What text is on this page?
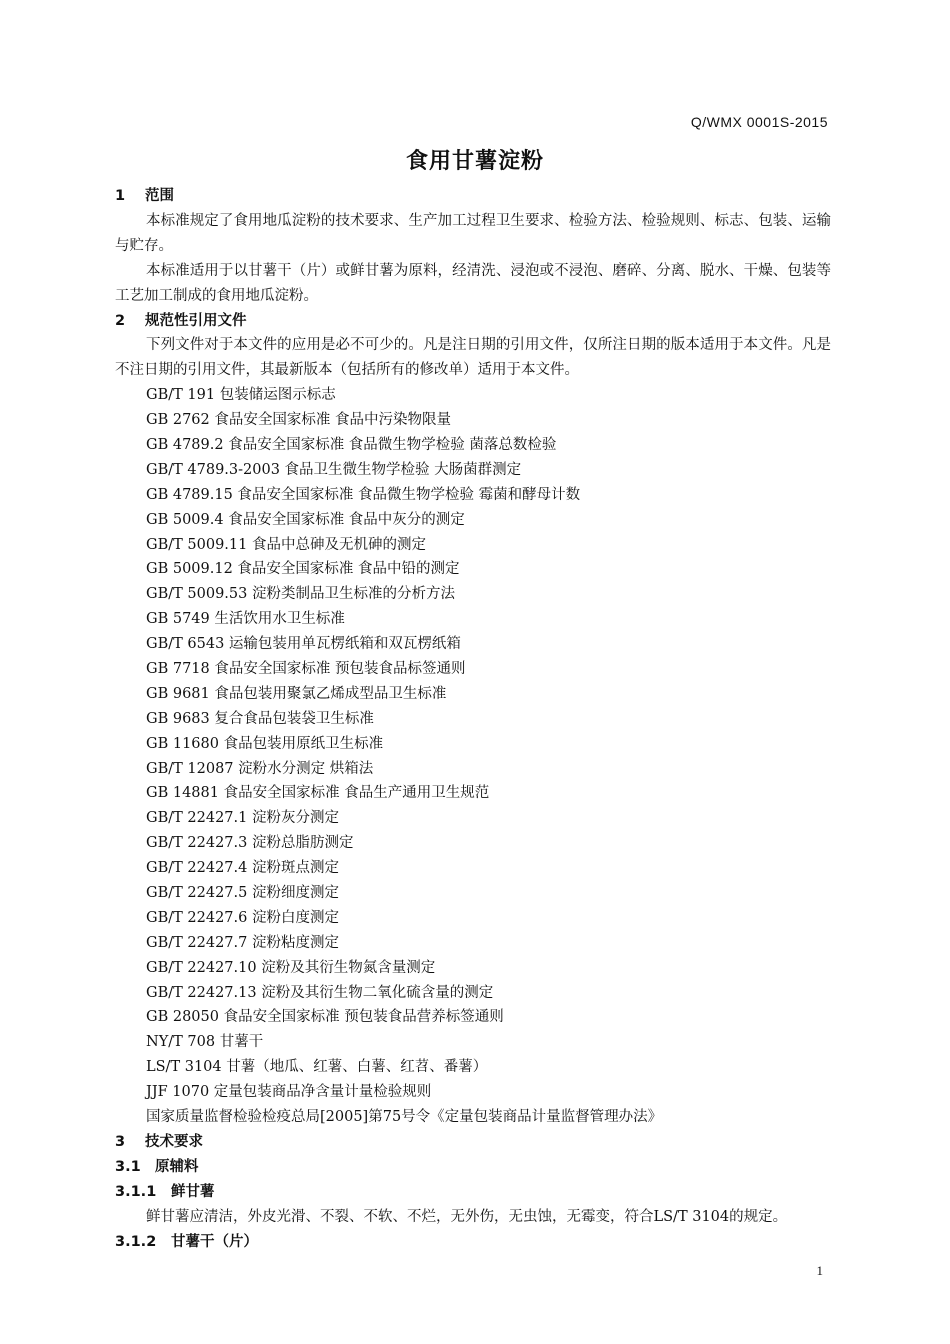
Q/WMX 0001S-2015
食用甘薯淀粉
1 范围
本标准规定了食用地瓜淀粉的技术要求、生产加工过程卫生要求、检验方法、检验规则、标志、包装、运输与贮存。
本标准适用于以甘薯干（片）或鲜甘薯为原料，经清洗、浸泡或不浸泡、磨碎、分离、脱水、干燥、包装等工艺加工制成的食用地瓜淀粉。
2 规范性引用文件
下列文件对于本文件的应用是必不可少的。凡是注日期的引用文件，仅所注日期的版本适用于本文件。凡是不注日期的引用文件，其最新版本（包括所有的修改单）适用于本文件。
GB/T 191 包装储运图示标志
GB 2762 食品安全国家标准 食品中污染物限量
GB 4789.2 食品安全国家标准 食品微生物学检验 菌落总数检验
GB/T 4789.3-2003 食品卫生微生物学检验 大肠菌群测定
GB 4789.15 食品安全国家标准 食品微生物学检验 霉菌和酵母计数
GB 5009.4 食品安全国家标准 食品中灰分的测定
GB/T 5009.11 食品中总砷及无机砷的测定
GB 5009.12 食品安全国家标准 食品中铅的测定
GB/T 5009.53 淀粉类制品卫生标准的分析方法
GB 5749 生活饮用水卫生标准
GB/T 6543 运输包装用单瓦楞纸箱和双瓦楞纸箱
GB 7718 食品安全国家标准 预包装食品标签通则
GB 9681 食品包装用聚氯乙烯成型品卫生标准
GB 9683 复合食品包装袋卫生标准
GB 11680 食品包装用原纸卫生标准
GB/T 12087 淀粉水分测定 烘箱法
GB 14881 食品安全国家标准 食品生产通用卫生规范
GB/T 22427.1 淀粉灰分测定
GB/T 22427.3 淀粉总脂肪测定
GB/T 22427.4 淀粉斑点测定
GB/T 22427.5 淀粉细度测定
GB/T 22427.6 淀粉白度测定
GB/T 22427.7 淀粉粘度测定
GB/T 22427.10 淀粉及其衍生物氮含量测定
GB/T 22427.13 淀粉及其衍生物二氧化硫含量的测定
GB 28050 食品安全国家标准 预包装食品营养标签通则
NY/T 708 甘薯干
LS/T 3104 甘薯（地瓜、红薯、白薯、红苕、番薯）
JJF 1070 定量包装商品净含量计量检验规则
国家质量监督检验检疫总局[2005]第75号令《定量包装商品计量监督管理办法》
3 技术要求
3.1 原辅料
3.1.1 鲜甘薯
鲜甘薯应清洁，外皮光滑、不裂、不软、不烂，无外伤，无虫蚀，无霉变，符合LS/T 3104的规定。
3.1.2 甘薯干（片）
1
